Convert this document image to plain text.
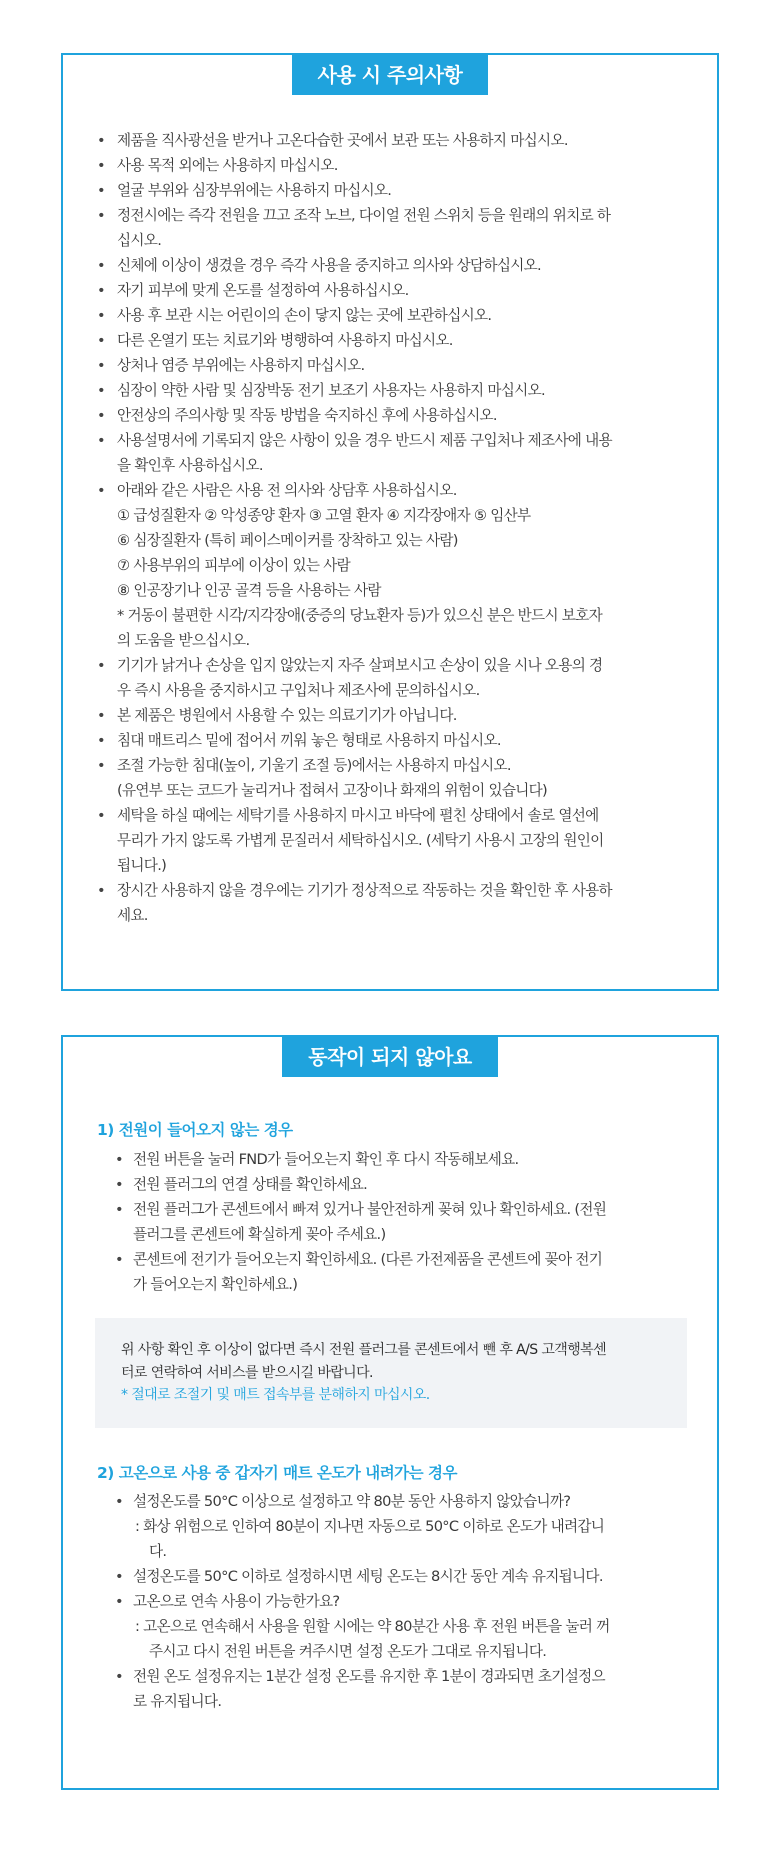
사용 시 주의사항
• 제품을 직사광선을 받거나 고온다습한 곳에서 보관 또는 사용하지 마십시오.
• 사용 목적 외에는 사용하지 마십시오.
• 얼굴 부위와 심장부위에는 사용하지 마십시오.
• 정전시에는 즉각 전원을 끄고 조작 노브, 다이얼 전원 스위치 등을 원래의 위치로 하
십시오.
• 신체에 이상이 생겼을 경우 즉각 사용을 중지하고 의사와 상담하십시오.
• 자기 피부에 맞게 온도를 설정하여 사용하십시오.
• 사용 후 보관 시는 어린이의 손이 닿지 않는 곳에 보관하십시오.
• 다른 온열기 또는 치료기와 병행하여 사용하지 마십시오.
• 상처나 염증 부위에는 사용하지 마십시오.
• 심장이 약한 사람 및 심장박동 전기 보조기 사용자는 사용하지 마십시오.
• 안전상의 주의사항 및 작동 방법을 숙지하신 후에 사용하십시오.
• 사용설명서에 기록되지 않은 사항이 있을 경우 반드시 제품 구입처나 제조사에 내용
을 확인후 사용하십시오.
• 아래와 같은 사람은 사용 전 의사와 상담후 사용하십시오.
① 급성질환자 ② 악성종양 환자 ③ 고열 환자 ④ 지각장애자 ⑤ 임산부
⑥ 심장질환자 (특히 페이스메이커를 장착하고 있는 사람)
⑦ 사용부위의 피부에 이상이 있는 사람
⑧ 인공장기나 인공 골격 등을 사용하는 사람
* 거동이 불편한 시각/지각장애(중증의 당뇨환자 등)가 있으신 분은 반드시 보호자
의 도움을 받으십시오.
• 기기가 낡거나 손상을 입지 않았는지 자주 살펴보시고 손상이 있을 시나 오용의 경
우 즉시 사용을 중지하시고 구입처나 제조사에 문의하십시오.
• 본 제품은 병원에서 사용할 수 있는 의료기기가 아닙니다.
• 침대 매트리스 밑에 접어서 끼워 놓은 형태로 사용하지 마십시오.
• 조절 가능한 침대(높이, 기울기 조절 등)에서는 사용하지 마십시오.
(유연부 또는 코드가 눌리거나 접혀서 고장이나 화재의 위험이 있습니다)
• 세탁을 하실 때에는 세탁기를 사용하지 마시고 바닥에 펼친 상태에서 솔로 열선에
무리가 가지 않도록 가볍게 문질러서 세탁하십시오. (세탁기 사용시 고장의 원인이
됩니다.)
• 장시간 사용하지 않을 경우에는 기기가 정상적으로 작동하는 것을 확인한 후 사용하
세요.
동작이 되지 않아요
1) 전원이 들어오지 않는 경우
• 전원 버튼을 눌러 FND가 들어오는지 확인 후 다시 작동해보세요.
• 전원 플러그의 연결 상태를 확인하세요.
• 전원 플러그가 콘센트에서 빠져 있거나 불안전하게 꽂혀 있나 확인하세요. (전원
플러그를 콘센트에 확실하게 꽂아 주세요.)
• 콘센트에 전기가 들어오는지 확인하세요. (다른 가전제품을 콘센트에 꽂아 전기
가 들어오는지 확인하세요.)

위 사항 확인 후 이상이 없다면 즉시 전원 플러그를 콘센트에서 뺀 후 A/S 고객행복센

터로 연락하여 서비스를 받으시길 바랍니다.

* 절대로 조절기 및 매트 접속부를 분해하지 마십시오.

2) 고온으로 사용 중 갑자기 매트 온도가 내려가는 경우
• 설정온도를 50°C 이상으로 설정하고 약 80분 동안 사용하지 않았습니까?
: 화상 위험으로 인하여 80분이 지나면 자동으로 50°C 이하로 온도가 내려갑니
다.
• 설정온도를 50°C 이하로 설정하시면 세팅 온도는 8시간 동안 계속 유지됩니다.
• 고온으로 연속 사용이 가능한가요?
: 고온으로 연속해서 사용을 원할 시에는 약 80분간 사용 후 전원 버튼을 눌러 꺼
주시고 다시 전원 버튼을 켜주시면 설정 온도가 그대로 유지됩니다.
• 전원 온도 설정유지는 1분간 설정 온도를 유지한 후 1분이 경과되면 초기설정으
로 유지됩니다.
